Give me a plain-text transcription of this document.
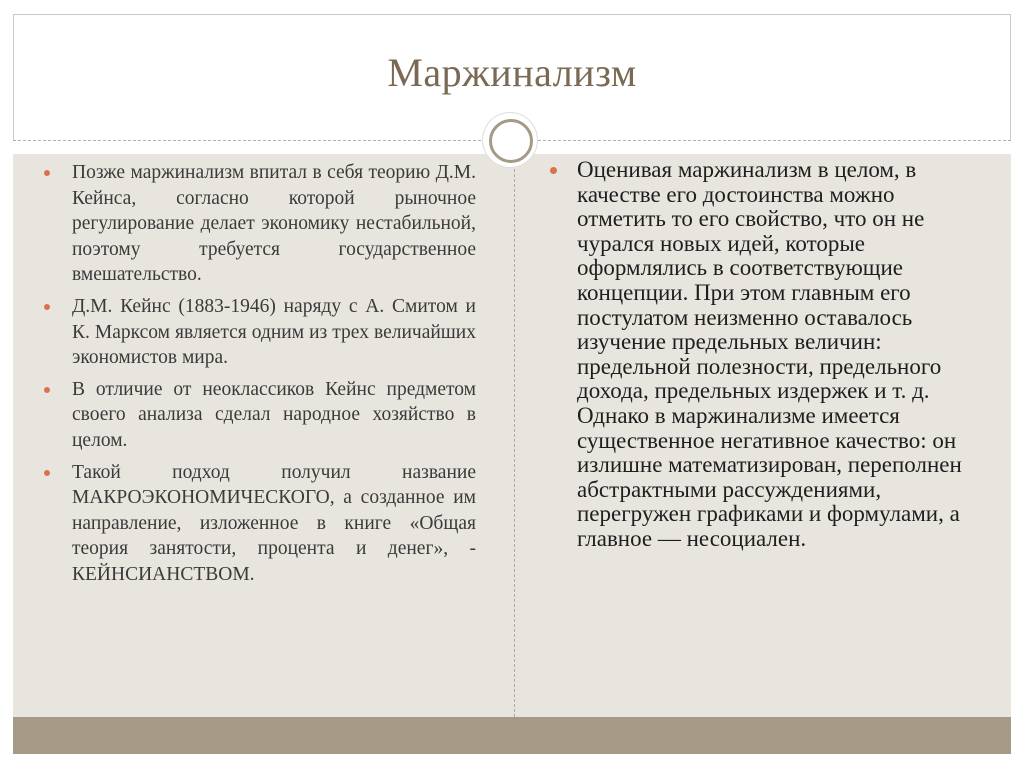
Маржинализм
Позже маржинализм впитал в себя теорию Д.М. Кейнса, согласно которой рыночное регулирование делает экономику нестабильной, поэтому требуется государственное вмешательство.
Д.М. Кейнс (1883-1946) наряду с А. Смитом и К. Марксом является одним из трех величайших экономистов мира.
В отличие от неоклассиков Кейнс предметом своего анализа сделал народное хозяйство в целом.
Такой подход получил название МАКРОЭКОНОМИЧЕСКОГО, а созданное им направление, изложенное в книге «Общая теория занятости, процента и денег», - КЕЙНСИАНСТВОМ.
Оценивая маржинализм в целом, в качестве его достоинства можно отметить то его свойство, что он не чурался новых идей, которые оформлялись в соответствующие концепции. При этом главным его постулатом неизменно оставалось изучение предельных величин: предельной полезности, предельного дохода, предельных издержек и т. д. Однако в маржинализме имеется существенное негативное качество: он излишне математизирован, переполнен абстрактными рассуждениями, перегружен графиками и формулами, а главное — несоциален.
